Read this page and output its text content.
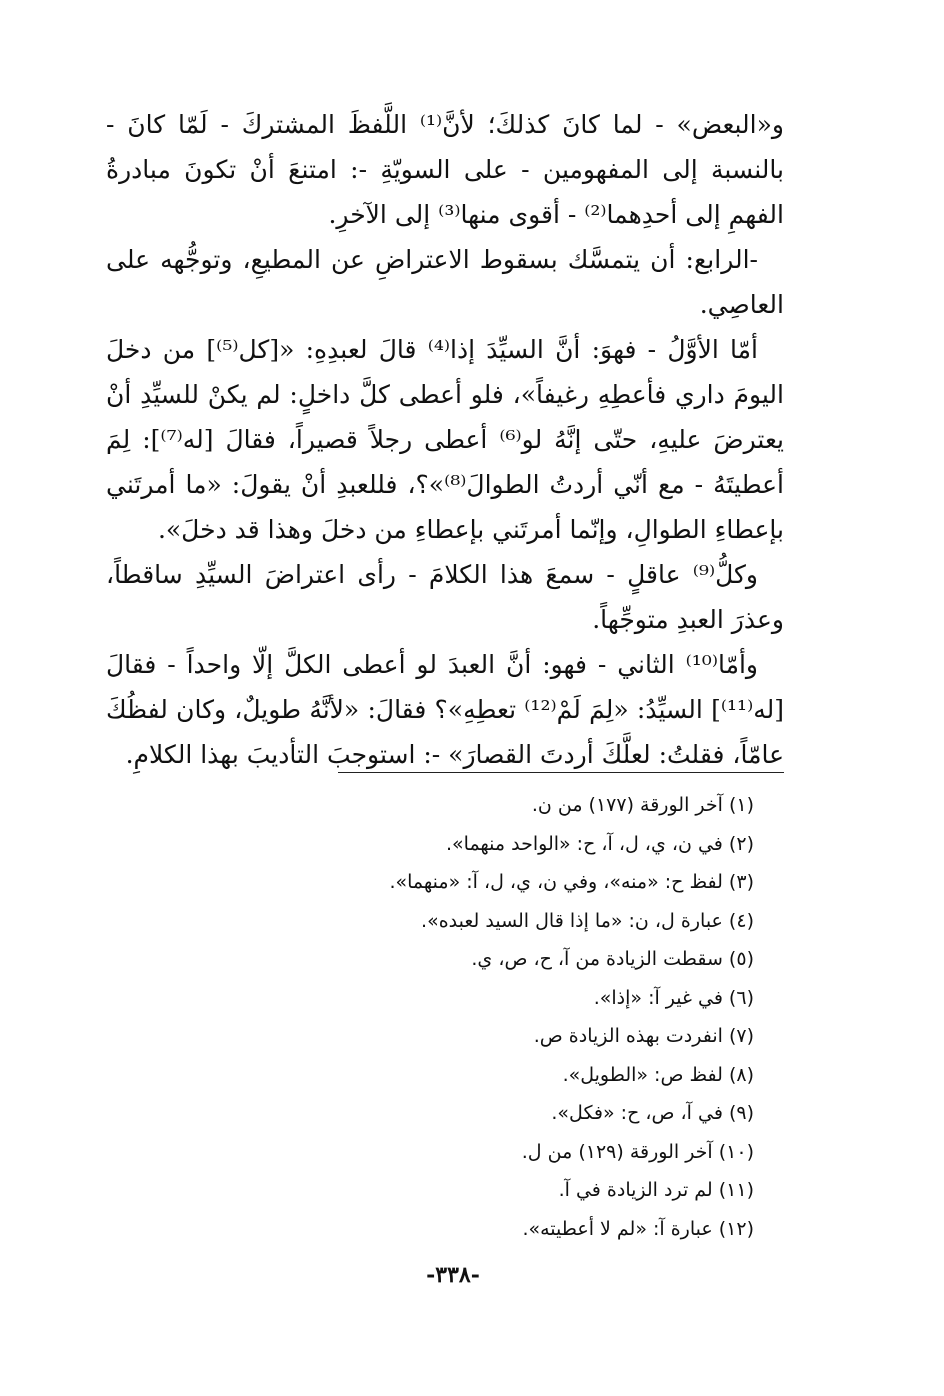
و«البعض» - لما كانَ كذلكَ؛ لأنَّ⁽¹⁾ اللَّفظَ المشتركَ - لَمّا كانَ - بالنسبة إلى المفهومين - على السويّةِ -: امتنعَ أنْ تكونَ مبادرةُ الفهمِ إلى أحدِهما⁽²⁾ - أقوى منها⁽³⁾ إلى الآخرِ.

-الرابع: أن يتمسَّك بسقوط الاعتراضِ عن المطيعِ، وتوجُّهه على العاصِي.

أمّا الأوَّلُ - فهوَ: أنَّ السيِّدَ إذا⁽⁴⁾ قالَ لعبدِهِ: «[كل⁽⁵⁾] من دخلَ اليومَ داري فأعطِهِ رغيفاً»، فلو أعطى كلَّ داخلٍ: لم يكنْ للسيِّدِ أنْ يعترضَ عليهِ، حتّى إنَّهُ لو⁽⁶⁾ أعطى رجلاً قصيراً، فقالَ [له⁽⁷⁾]: لِمَ أعطيتَهُ - مع أنّي أردتُ الطوالَ⁽⁸⁾»؟، فللعبدِ أنْ يقولَ: «ما أمرتَني بإعطاءِ الطوالِ، وإنّما أمرتَني بإعطاءِ من دخلَ وهذا قد دخلَ».

وكلُّ⁽⁹⁾ عاقلٍ - سمعَ هذا الكلامَ - رأى اعتراضَ السيِّدِ ساقطاً، وعذرَ العبدِ متوجِّهاً.

وأمّا⁽¹⁰⁾ الثاني - فهو: أنَّ العبدَ لو أعطى الكلَّ إلّا واحداً - فقالَ [له⁽¹¹⁾] السيِّدُ: «لِمَ لَمْ⁽¹²⁾ تعطِهِ»؟ فقالَ: «لأنَّهُ طويلٌ، وكان لفظُكَ عامّاً، فقلتُ: لعلَّكَ أردتَ القصارَ» -: استوجبَ التأديبَ بهذا الكلامِ.

(١) آخر الورقة (١٧٧) من ن.
(٢) في ن، ي، ل، آ، ح: «الواحد منهما».
(٣) لفظ ح: «منه»، وفي ن، ي، ل، آ: «منهما».
(٤) عبارة ل، ن: «ما إذا قال السيد لعبده».
(٥) سقطت الزيادة من آ، ح، ص، ي.
(٦) في غير آ: «إذا».
(٧) انفردت بهذه الزيادة ص.
(٨) لفظ ص: «الطويل».
(٩) في آ، ص، ح: «فكل».
(١٠) آخر الورقة (١٢٩) من ل.
(١١) لم ترد الزيادة في آ.
(١٢) عبارة آ: «لم لا أعطيته».
-٣٣٨-
